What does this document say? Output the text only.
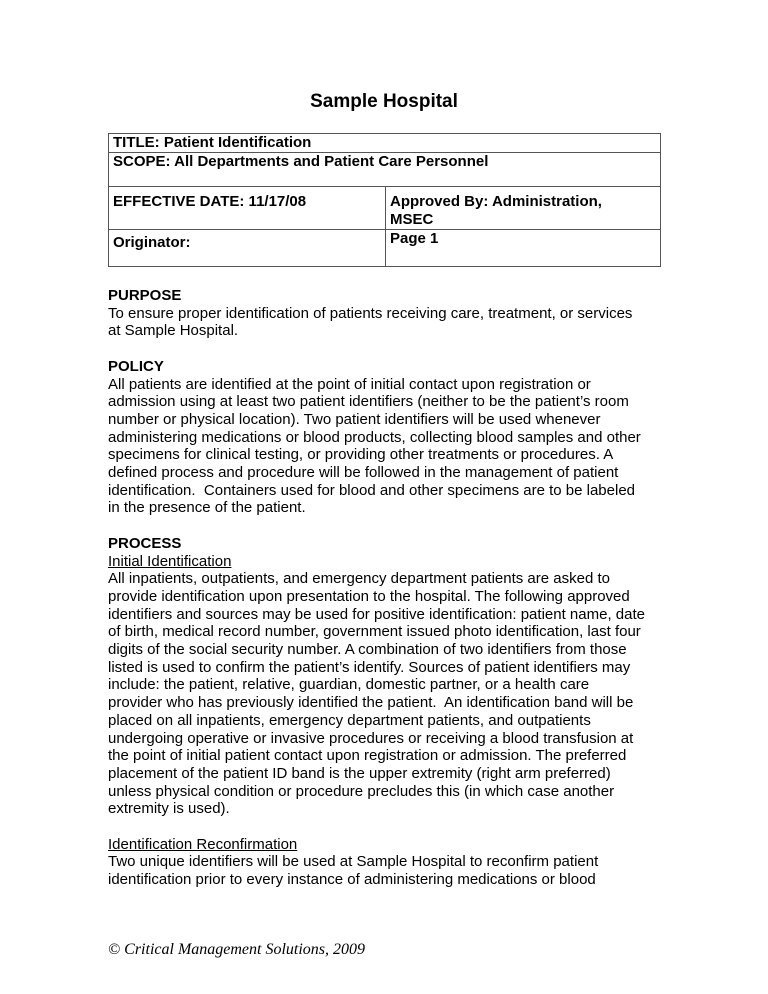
Sample Hospital
TITLE: Patient Identification	
SCOPE: All Departments and Patient Care Personnel	
EFFECTIVE DATE: 11/17/08	Approved By: Administration,
MSEC
Originator:	Page 1
PURPOSE
To ensure proper identification of patients receiving care, treatment, or services
at Sample Hospital.
POLICY
All patients are identified at the point of initial contact upon registration or
admission using at least two patient identifiers (neither to be the patient’s room
number or physical location). Two patient identifiers will be used whenever
administering medications or blood products, collecting blood samples and other
specimens for clinical testing, or providing other treatments or procedures. A
defined process and procedure will be followed in the management of patient
identification.  Containers used for blood and other specimens are to be labeled
in the presence of the patient.
PROCESS
Initial Identification
All inpatients, outpatients, and emergency department patients are asked to
provide identification upon presentation to the hospital. The following approved
identifiers and sources may be used for positive identification: patient name, date
of birth, medical record number, government issued photo identification, last four
digits of the social security number. A combination of two identifiers from those
listed is used to confirm the patient’s identify. Sources of patient identifiers may
include: the patient, relative, guardian, domestic partner, or a health care
provider who has previously identified the patient.  An identification band will be
placed on all inpatients, emergency department patients, and outpatients
undergoing operative or invasive procedures or receiving a blood transfusion at
the point of initial patient contact upon registration or admission. The preferred
placement of the patient ID band is the upper extremity (right arm preferred)
unless physical condition or procedure precludes this (in which case another
extremity is used).
Identification Reconfirmation
Two unique identifiers will be used at Sample Hospital to reconfirm patient
identification prior to every instance of administering medications or blood
© Critical Management Solutions, 2009
